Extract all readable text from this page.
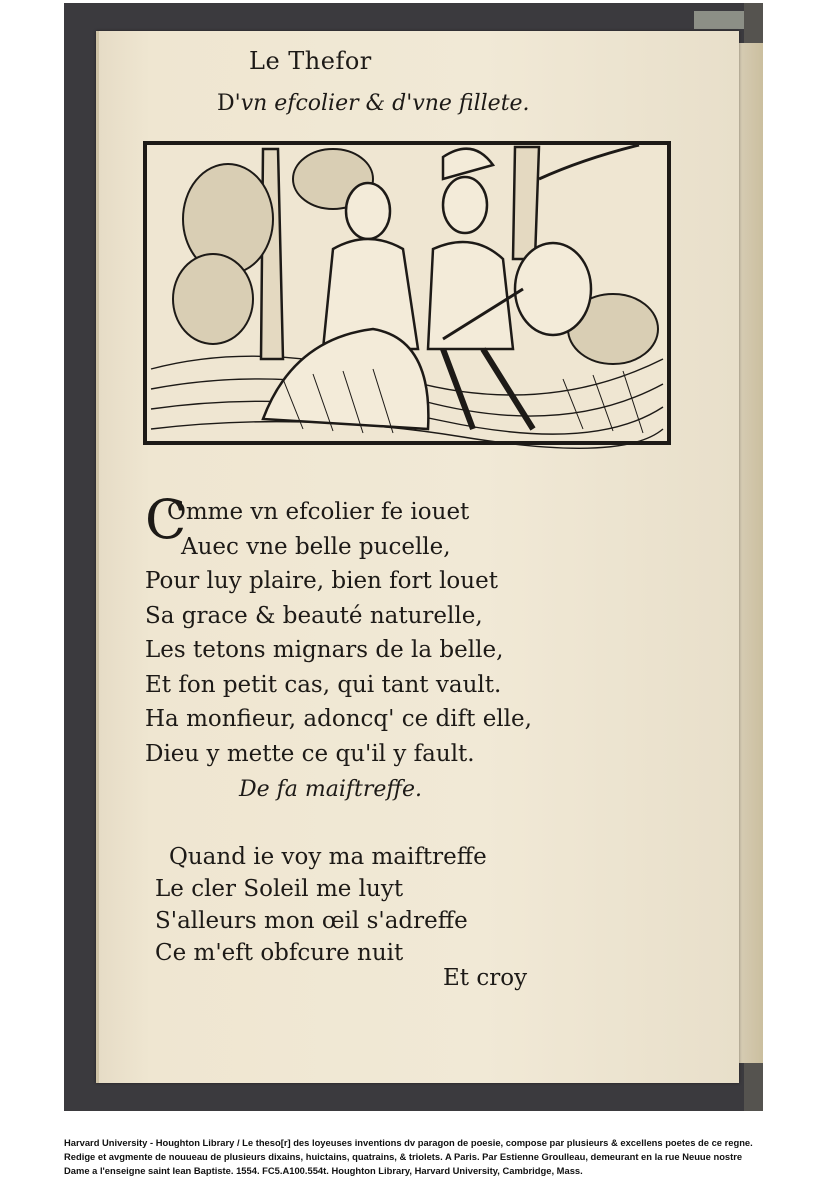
Le Thefor
D'vn efcolier & d'vne fillete.
C
Omme vn efcolier fe iouet
Auec vne belle pucelle,
Pour luy plaire, bien fort louet
Sa grace & beauté naturelle,
Les tetons mignars de la belle,
Et fon petit cas, qui tant vault.
Ha monfieur, adoncq' ce dift elle,
Dieu y mette ce qu'il y fault.
De fa maiftreffe.
Quand ie voy ma maiftreffe
Le cler Soleil me luyt
S'alleurs mon œil s'adreffe
Ce m'eft obfcure nuit
Et croy
Harvard University - Houghton Library / Le theso[r] des loyeuses inventions dv paragon de poesie, compose par plusieurs & excellens poetes de ce regne. Redige et avgmente de nouueau de plusieurs dixains, huictains, quatrains, & triolets. A Paris. Par Estienne Groulleau, demeurant en la rue Neuue nostre Dame a l'enseigne saint Iean Baptiste. 1554. FC5.A100.554t. Houghton Library, Harvard University, Cambridge, Mass.
